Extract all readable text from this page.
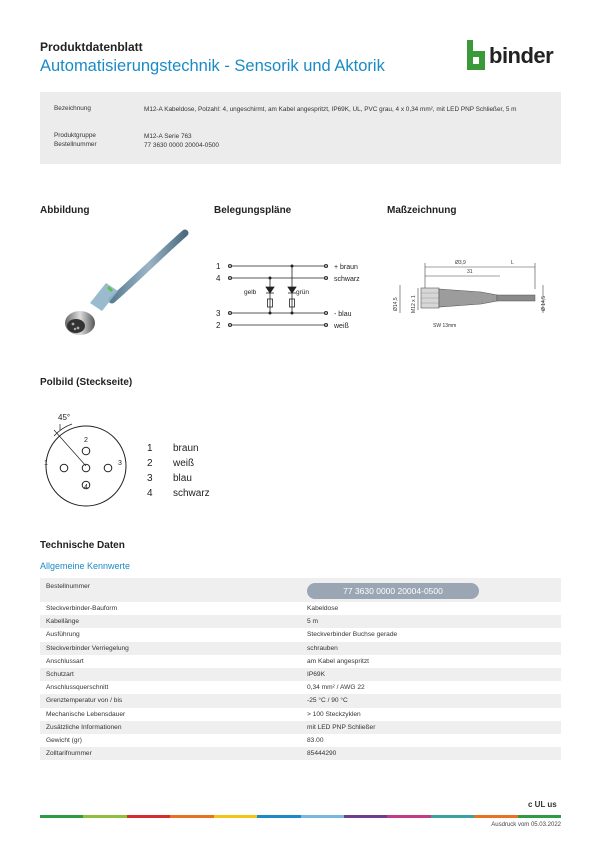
Produktdatenblatt
Automatisierungstechnik - Sensorik und Aktorik	binder
Bezeichnung	M12-A Kabeldose, Polzahl: 4, ungeschirmt, am Kabel angespritzt, IP69K, UL, PVC grau, 4 x 0,34 mm², mit LED PNP Schließer, 5 m
Produktgruppe	M12-A Serie 763
Bestellnummer	77 3630 0000 20004-0500
Abbildung	Belegungspläne	Maßzeichnung
1
4
3
2
+ braun
schwarz
- blau
weiß
gelb	grün
Ø3,9	L
31
SW 13mm
Ø14,5 M12 x 1	Ø 14,5
Polbild (Steckseite)
45°
2
1	3
4
1 braun
2 weiß
3 blau
4 schwarz
Technische Daten
Allgemeine Kennwerte
Bestellnummer	77 3630 0000 20004-0500
Steckverbinder-Bauform	Kabeldose
Kabellänge	5 m
Ausführung	Steckverbinder Buchse gerade
Steckverbinder Verriegelung	schrauben
Anschlussart	am Kabel angespritzt
Schutzart	IP69K
Anschlussquerschnitt	0,34 mm² / AWG 22
Grenztemperatur von / bis	-25 °C / 90 °C
Mechanische Lebensdauer	> 100 Steckzyklen
Zusätzliche Informationen	mit LED PNP Schließer
Gewicht (gr)	83.00
Zolltarifnummer	85444290
c UL us
Ausdruck vom 05.03.2022
